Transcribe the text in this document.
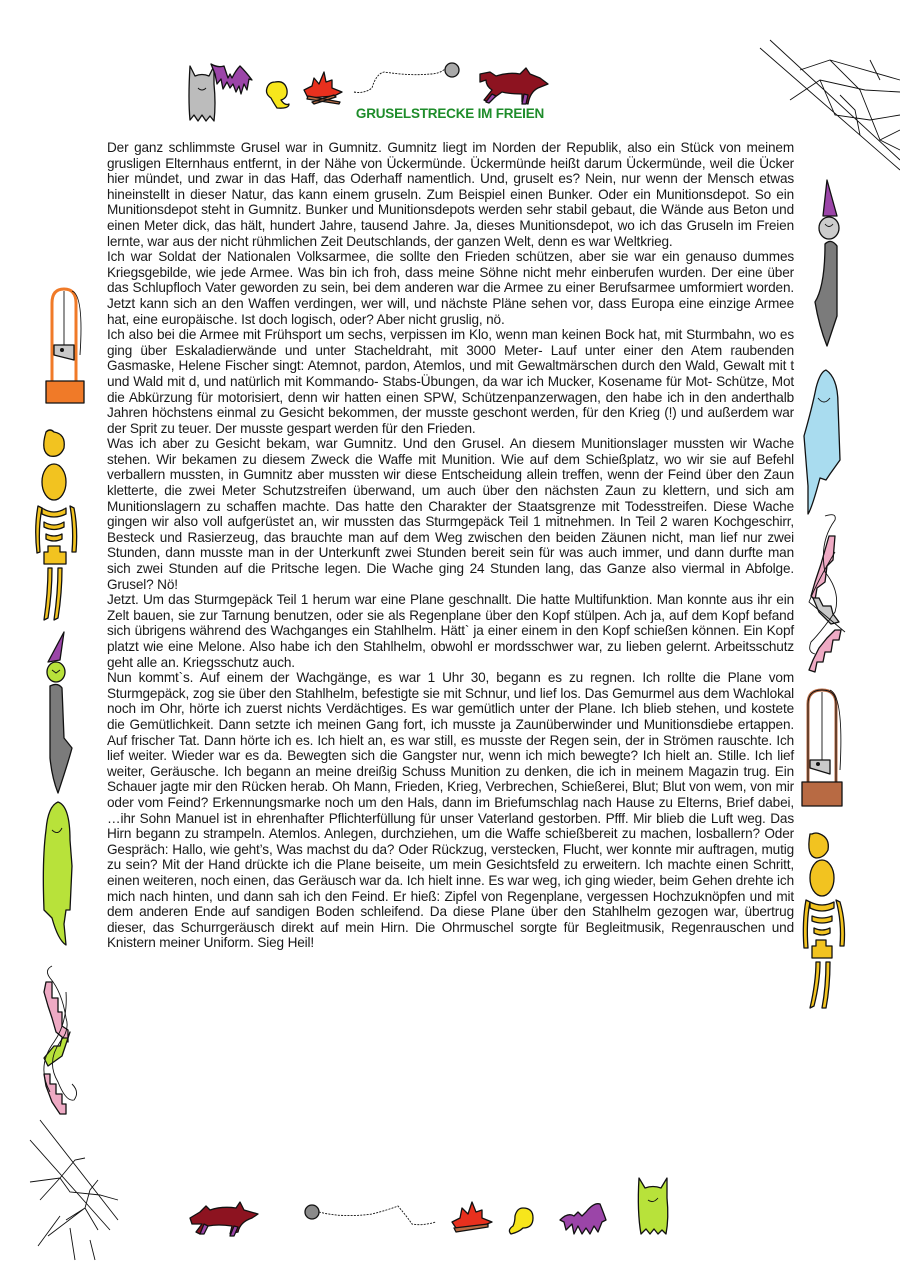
GRUSELSTRECKE IM FREIEN

Der ganz schlimmste Grusel war in Gumnitz. Gumnitz liegt im Norden der Republik, also ein Stück von meinem grusligen Elternhaus entfernt, in der Nähe von Ückermünde. Ückermünde heißt darum Ückermünde, weil die Ücker hier mündet, und zwar in das Haff, das Oderhaff namentlich. Und, gruselt es? Nein, nur wenn der Mensch etwas hineinstellt in dieser Natur, das kann einem gruseln. Zum Beispiel einen Bunker. Oder ein Munitionsdepot. So ein Munitionsdepot steht in Gumnitz. Bunker und Munitionsdepots werden sehr stabil gebaut, die Wände aus Beton und einen Meter dick, das hält, hundert Jahre, tausend Jahre. Ja, dieses Munitionsdepot, wo ich das Gruseln im Freien lernte, war aus der nicht rühmlichen Zeit Deutschlands, der ganzen Welt, denn es war Weltkrieg.

Ich war Soldat der Nationalen Volksarmee, die sollte den Frieden schützen, aber sie war ein genauso dummes Kriegsgebilde, wie jede Armee. Was bin ich froh, dass meine Söhne nicht mehr einberufen wurden. Der eine über das Schlupfloch Vater geworden zu sein, bei dem anderen war die Armee zu einer Berufsarmee umformiert worden. Jetzt kann sich an den Waffen verdingen, wer will, und nächste Pläne sehen vor, dass Europa eine einzige Armee hat, eine europäische. Ist doch logisch, oder? Aber nicht gruslig, nö.

Ich also bei die Armee mit Frühsport um sechs, verpissen im Klo, wenn man keinen Bock hat, mit Sturmbahn, wo es ging über Eskaladierwände und unter Stacheldraht, mit 3000 Meter- Lauf unter einer den Atem raubenden Gasmaske, Helene Fischer singt: Atemnot, pardon, Atemlos, und mit Gewaltmärschen durch den Wald, Gewalt mit t und Wald mit d, und natürlich mit Kommando- Stabs-Übungen, da war ich Mucker, Kosename für Mot- Schütze, Mot die Abkürzung für motorisiert, denn wir hatten einen SPW, Schützenpanzerwagen, den habe ich in den anderthalb Jahren höchstens einmal zu Gesicht bekommen, der musste geschont werden, für den Krieg (!) und außerdem war der Sprit zu teuer. Der musste gespart werden für den Frieden.

Was ich aber zu Gesicht bekam, war Gumnitz. Und den Grusel. An diesem Munitionslager mussten wir Wache stehen. Wir bekamen zu diesem Zweck die Waffe mit Munition. Wie auf dem Schießplatz, wo wir sie auf Befehl verballern mussten, in Gumnitz aber mussten wir diese Entscheidung allein treffen, wenn der Feind über den Zaun kletterte, die zwei Meter Schutzstreifen überwand, um auch über den nächsten Zaun zu klettern, und sich am Munitionslagern zu schaffen machte. Das hatte den Charakter der Staatsgrenze mit Todesstreifen. Diese Wache gingen wir also voll aufgerüstet an, wir mussten das Sturmgepäck Teil 1 mitnehmen. In Teil 2 waren Kochgeschirr, Besteck und Rasierzeug, das brauchte man auf dem Weg zwischen den beiden Zäunen nicht, man lief nur zwei Stunden, dann musste man in der Unterkunft zwei Stunden bereit sein für was auch immer, und dann durfte man sich zwei Stunden auf die Pritsche legen. Die Wache ging 24 Stunden lang, das Ganze also viermal in Abfolge. Grusel? Nö!

Jetzt. Um das Sturmgepäck Teil 1 herum war eine Plane geschnallt. Die hatte Multifunktion. Man konnte aus ihr ein Zelt bauen, sie zur Tarnung benutzen, oder sie als Regenplane über den Kopf stülpen. Ach ja, auf dem Kopf befand sich übrigens während des Wachganges ein Stahlhelm. Hätt` ja einer einem in den Kopf schießen können. Ein Kopf platzt wie eine Melone. Also habe ich den Stahlhelm, obwohl er mordsschwer war, zu lieben gelernt. Arbeitsschutz geht alle an. Kriegsschutz auch.

Nun kommt`s. Auf einem der Wachgänge, es war 1 Uhr 30, begann es zu regnen. Ich rollte die Plane vom Sturmgepäck, zog sie über den Stahlhelm, befestigte sie mit Schnur, und lief los. Das Gemurmel aus dem Wachlokal noch im Ohr, hörte ich zuerst nichts Verdächtiges. Es war gemütlich unter der Plane. Ich blieb stehen, und kostete die Gemütlichkeit. Dann setzte ich meinen Gang fort, ich musste ja Zaunüberwinder und Munitionsdiebe ertappen. Auf frischer Tat. Dann hörte ich es. Ich hielt an, es war still, es musste der Regen sein, der in Strömen rauschte. Ich lief weiter. Wieder war es da. Bewegten sich die Gangster nur, wenn ich mich bewegte? Ich hielt an. Stille. Ich lief weiter, Geräusche. Ich begann an meine dreißig Schuss Munition zu denken, die ich in meinem Magazin trug. Ein Schauer jagte mir den Rücken herab. Oh Mann, Frieden, Krieg, Verbrechen, Schießerei, Blut; Blut von wem, von mir oder vom Feind? Erkennungsmarke noch um den Hals, dann im Briefumschlag nach Hause zu Elterns, Brief dabei, …ihr Sohn Manuel ist in ehrenhafter Pflichterfüllung für unser Vaterland gestorben. Pfff. Mir blieb die Luft weg. Das Hirn begann zu strampeln. Atemlos. Anlegen, durchziehen, um die Waffe schießbereit zu machen, losballern? Oder Gespräch: Hallo, wie geht’s, Was machst du da? Oder Rückzug, verstecken, Flucht, wer konnte mir auftragen, mutig zu sein? Mit der Hand drückte ich die Plane beiseite, um mein Gesichtsfeld zu erweitern. Ich machte einen Schritt, einen weiteren, noch einen, das Geräusch war da. Ich hielt inne. Es war weg, ich ging wieder, beim Gehen drehte ich mich nach hinten, und dann sah ich den Feind. Er hieß: Zipfel von Regenplane, vergessen Hochzuknöpfen und mit dem anderen Ende auf sandigen Boden schleifend. Da diese Plane über den Stahlhelm gezogen war, übertrug dieser, das Schurrgeräusch direkt auf mein Hirn. Die Ohrmuschel sorgte für Begleitmusik, Regenrauschen und Knistern meiner Uniform. Sieg Heil!
